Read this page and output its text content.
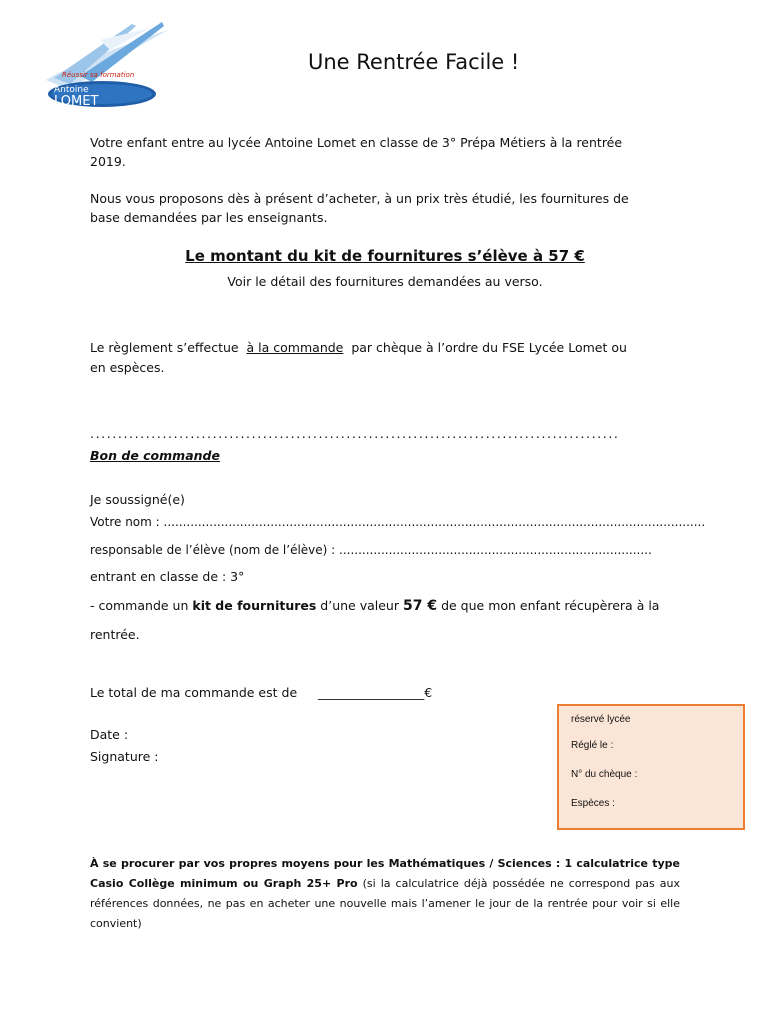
Réussir sa formation
Antoine
LOMET
Une Rentrée Facile !
Votre enfant entre au lycée Antoine Lomet en classe de 3° Prépa Métiers à la rentrée
2019.
Nous vous proposons dès à présent d’acheter, à un prix très étudié, les fournitures de
base demandées par les enseignants.
Le montant du kit de fournitures s’élève à 57 €
Voir le détail des fournitures demandées au verso.
Le règlement s’effectue à la commande par chèque à l’ordre du FSE Lycée Lomet ou
en espèces.
...............................................................................................
Bon de commande
Je soussigné(e)
Votre nom : ..............................................................................................................................................
responsable de l’élève (nom de l’élève) : ..................................................................................
entrant en classe de : 3°
- commande un kit de fournitures d’une valeur 57 € de que mon enfant récupèrera à la
rentrée.
Le total de ma commande est de _________________€
Date :
Signature :
réservé lycée
Réglé le :
N° du chèque :
Espèces :
À se procurer par vos propres moyens pour les Mathématiques / Sciences : 1 calculatrice type Casio Collège minimum ou Graph 25+ Pro (si la calculatrice déjà possédée ne correspond pas aux références données, ne pas en acheter une nouvelle mais l’amener le jour de la rentrée pour voir si elle convient)
